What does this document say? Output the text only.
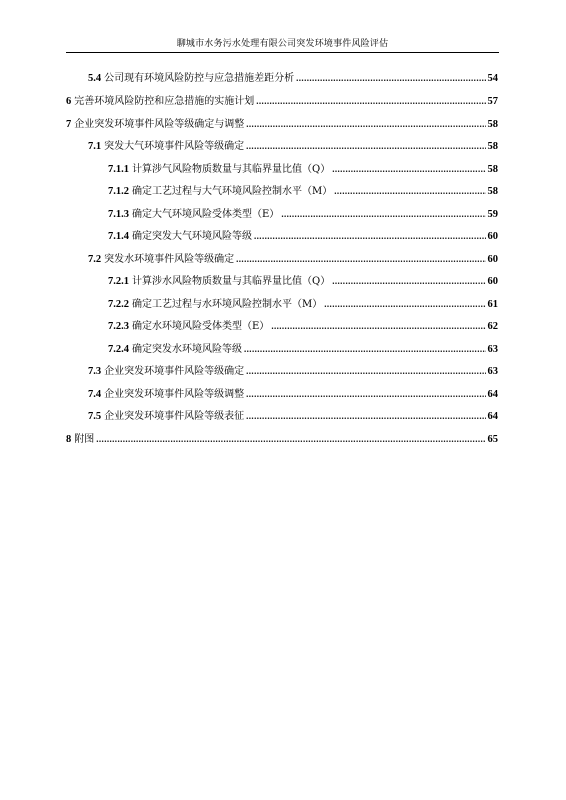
聊城市水务污水处理有限公司突发环境事件风险评估
5.4 公司现有环境风险防控与应急措施差距分析 .....	54
6 完善环境风险防控和应急措施的实施计划 .....	57
7 企业突发环境事件风险等级确定与调整 .....	58
7.1 突发大气环境事件风险等级确定 .....	58
7.1.1 计算涉气风险物质数量与其临界量比值（Q） .....	58
7.1.2 确定工艺过程与大气环境风险控制水平（M） .....	58
7.1.3 确定大气环境风险受体类型（E） .....	59
7.1.4 确定突发大气环境风险等级 .....	60
7.2 突发水环境事件风险等级确定 .....	60
7.2.1 计算涉水风险物质数量与其临界量比值（Q） .....	60
7.2.2 确定工艺过程与水环境风险控制水平（M） .....	61
7.2.3 确定水环境风险受体类型（E） .....	62
7.2.4 确定突发水环境风险等级 .....	63
7.3 企业突发环境事件风险等级确定 .....	63
7.4 企业突发环境事件风险等级调整 .....	64
7.5 企业突发环境事件风险等级表征 .....	64
8 附图 .....	65
